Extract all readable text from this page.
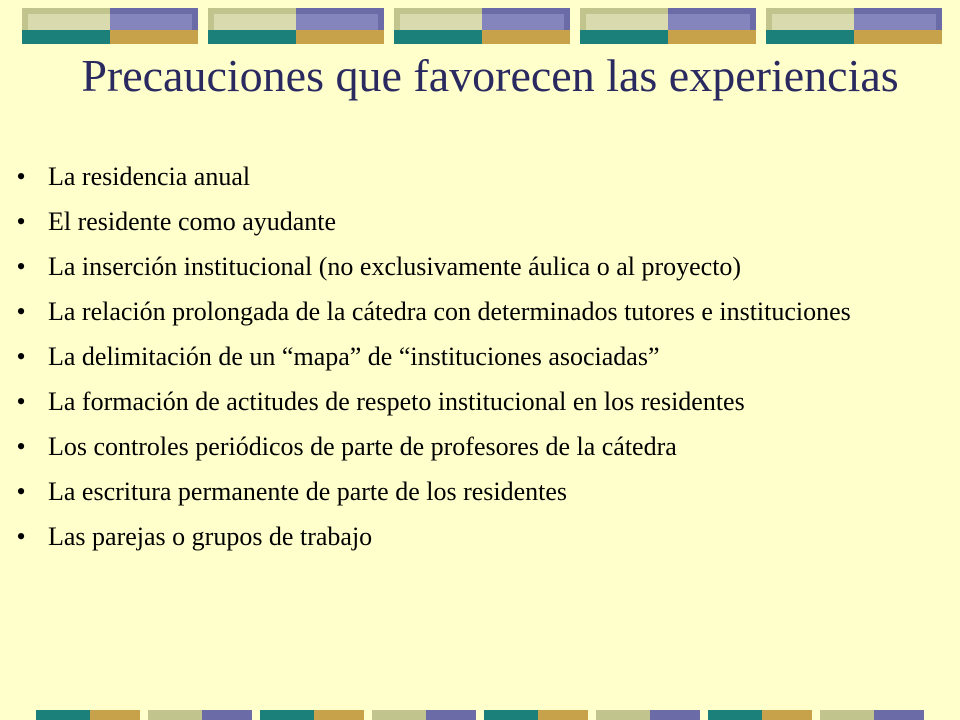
Precauciones que favorecen las experiencias
• La residencia anual
• El residente como ayudante
• La inserción institucional (no exclusivamente áulica o al proyecto)
• La relación prolongada de la cátedra con determinados tutores e instituciones
• La delimitación de un “mapa” de “instituciones asociadas”
• La formación de actitudes de respeto institucional en los residentes
• Los controles periódicos de parte de profesores de la cátedra
• La escritura permanente de parte de los residentes
• Las parejas o grupos de trabajo
